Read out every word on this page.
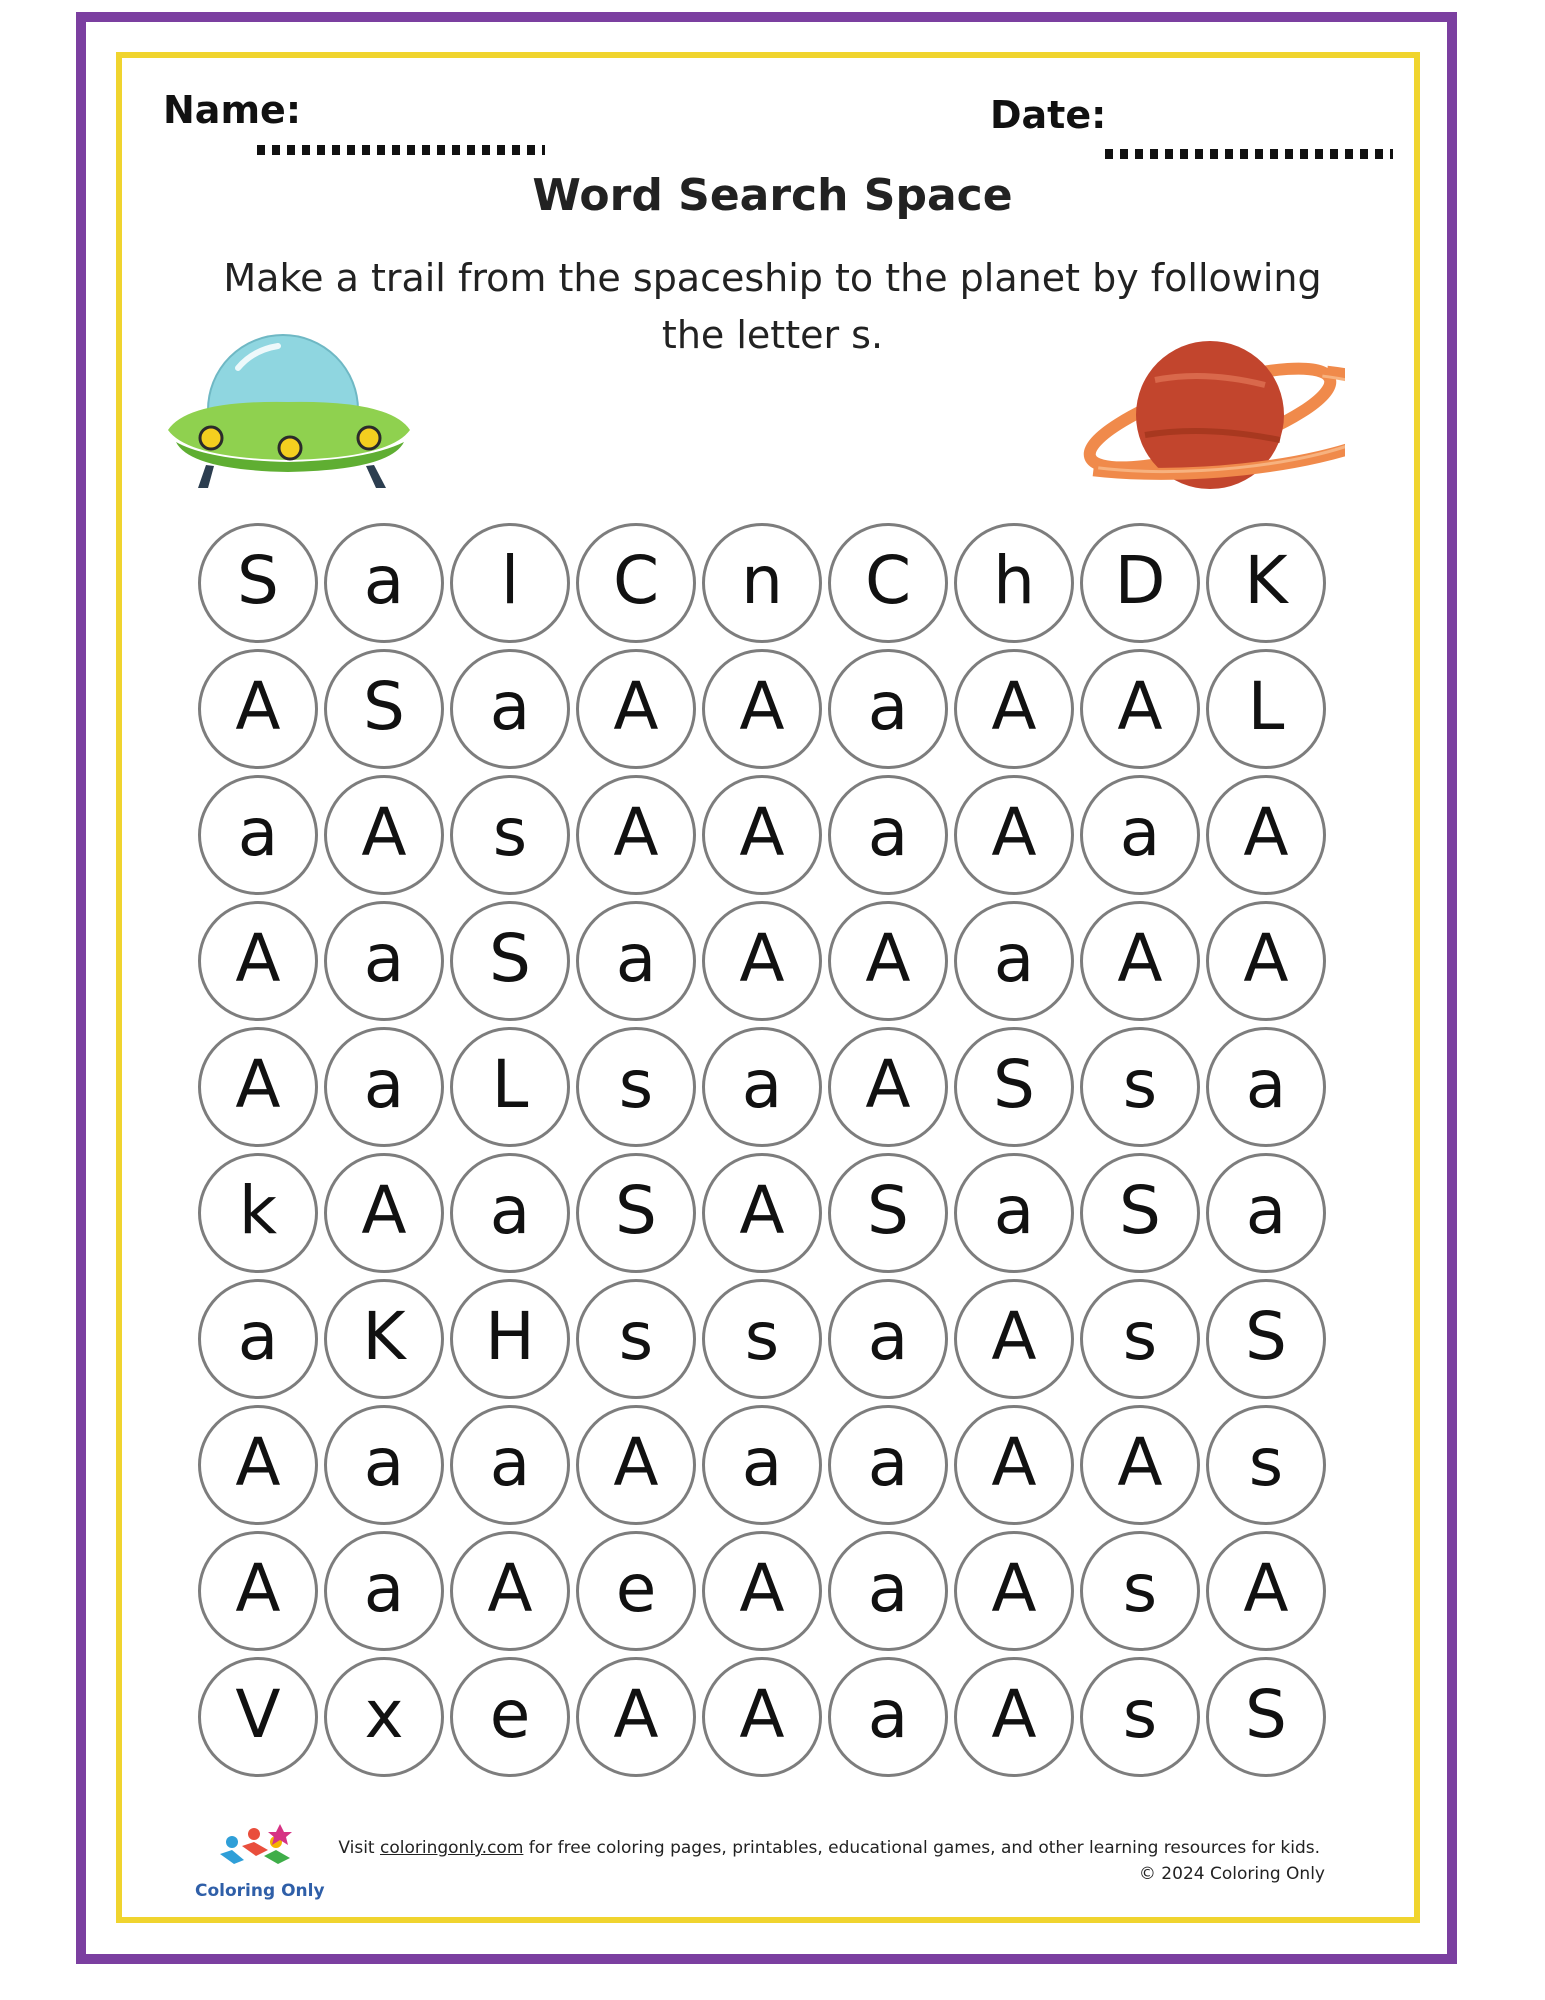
Name:	Date:
Word Search Space
Make a trail from the spaceship to the planet by following the letter s.
S	a	l	C	n	C	h	D	K
A	S	a	A	A	a	A	A	L
a	A	s	A	A	a	A	a	A
A	a	S	a	A	A	a	A	A
A	a	L	s	a	A	S	s	a
k	A	a	S	A	S	a	S	a
a	K	H	s	s	a	A	s	S
A	a	a	A	a	a	A	A	s
A	a	A	e	A	a	A	s	A
V	x	e	A	A	a	A	s	S
Coloring Only
Visit coloringonly.com for free coloring pages, printables, educational games, and other learning resources for kids.
© 2024 Coloring Only
